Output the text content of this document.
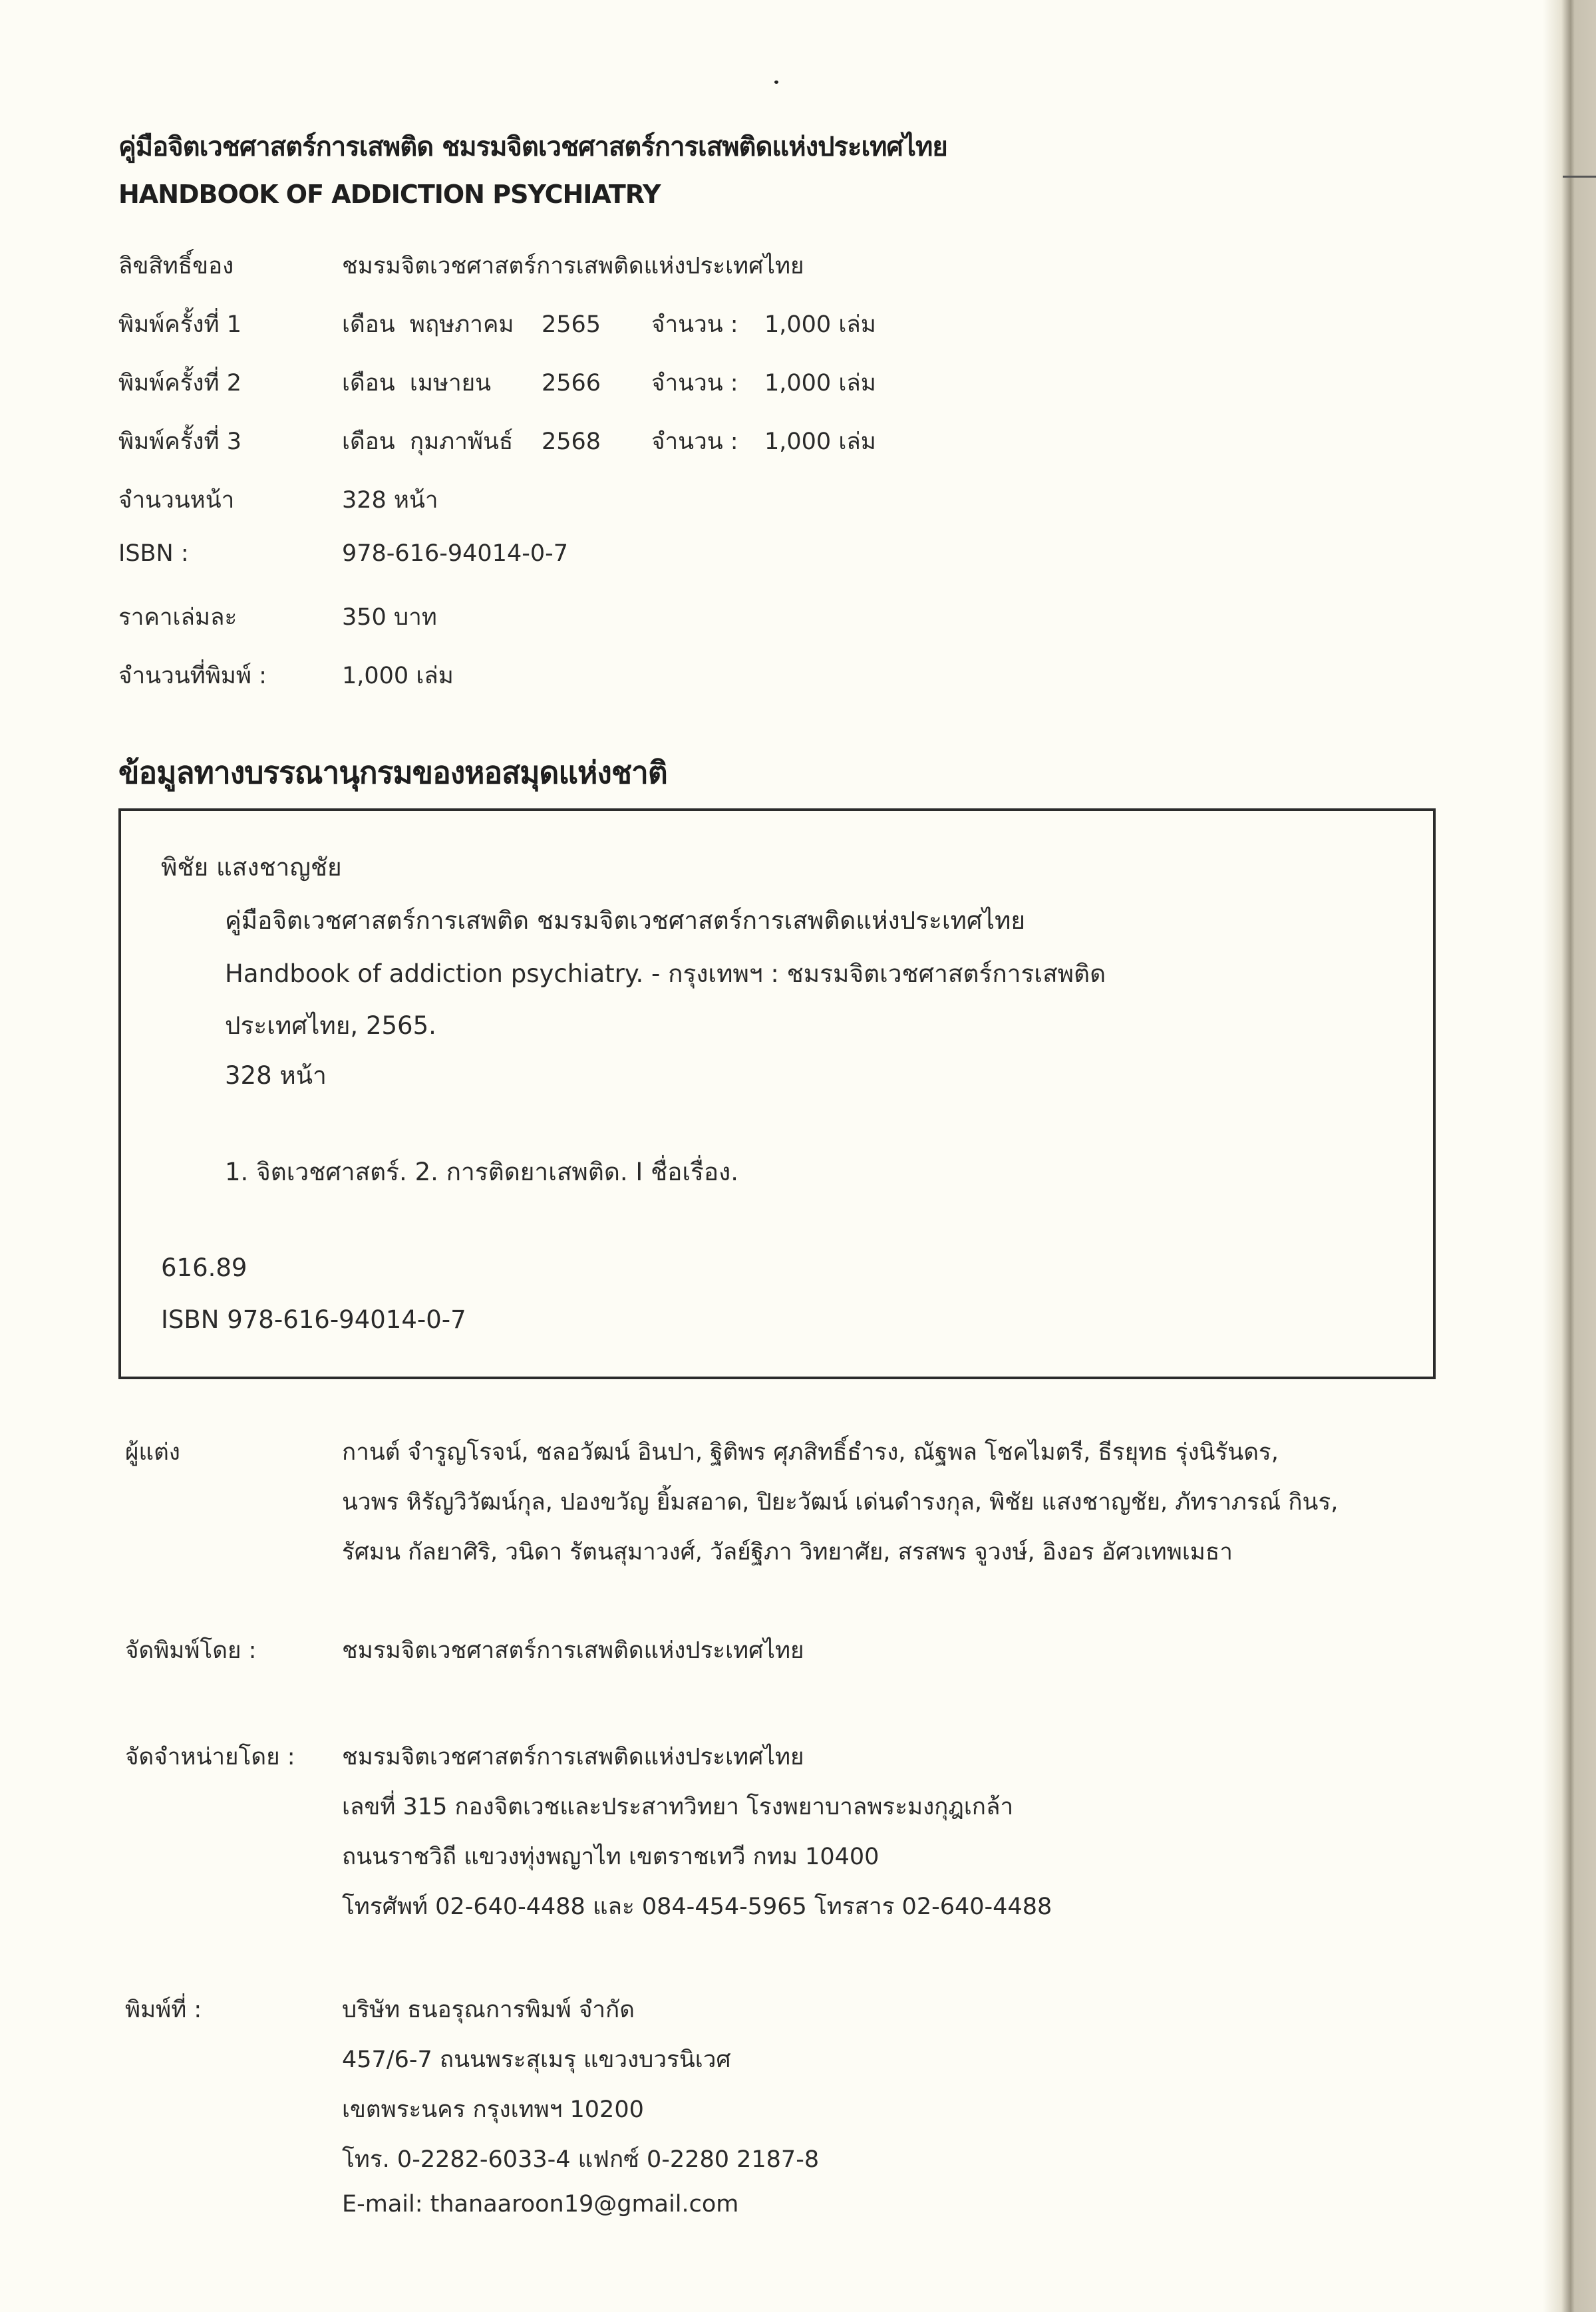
คู่มือจิตเวชศาสตร์การเสพติด ชมรมจิตเวชศาสตร์การเสพติดแห่งประเทศไทย
HANDBOOK OF ADDICTION PSYCHIATRY
ลิขสิทธิ์ของ	ชมรมจิตเวชศาสตร์การเสพติดแห่งประเทศไทย
พิมพ์ครั้งที่ 1	เดือน พฤษภาคม 2565 จำนวน : 1,000 เล่ม
พิมพ์ครั้งที่ 2	เดือน เมษายน 2566 จำนวน : 1,000 เล่ม
พิมพ์ครั้งที่ 3	เดือน กุมภาพันธ์ 2568 จำนวน : 1,000 เล่ม
จำนวนหน้า	328 หน้า
ISBN :	978-616-94014-0-7
ราคาเล่มละ	350 บาท
จำนวนที่พิมพ์ :	1,000 เล่ม
ข้อมูลทางบรรณานุกรมของหอสมุดแห่งชาติ
พิชัย แสงชาญชัย
คู่มือจิตเวชศาสตร์การเสพติด ชมรมจิตเวชศาสตร์การเสพติดแห่งประเทศไทย
Handbook of addiction psychiatry. - กรุงเทพฯ : ชมรมจิตเวชศาสตร์การเสพติด
ประเทศไทย, 2565.
328 หน้า
1. จิตเวชศาสตร์. 2. การติดยาเสพติด. I ชื่อเรื่อง.
616.89
ISBN 978-616-94014-0-7
ผู้แต่ง	กานต์ จำรูญโรจน์, ชลอวัฒน์ อินปา, ฐิติพร ศุภสิทธิ์ธำรง, ณัฐพล โชคไมตรี, ธีรยุทธ รุ่งนิรันดร,
นวพร หิรัญวิวัฒน์กุล, ปองขวัญ ยิ้มสอาด, ปิยะวัฒน์ เด่นดำรงกุล, พิชัย แสงชาญชัย, ภัทราภรณ์ กินร,
รัศมน กัลยาศิริ, วนิดา รัตนสุมาวงศ์, วัลย์ฐิภา วิทยาศัย, สรสพร จูวงษ์, อิงอร อัศวเทพเมธา
จัดพิมพ์โดย :	ชมรมจิตเวชศาสตร์การเสพติดแห่งประเทศไทย
จัดจำหน่ายโดย : ชมรมจิตเวชศาสตร์การเสพติดแห่งประเทศไทย
เลขที่ 315 กองจิตเวชและประสาทวิทยา โรงพยาบาลพระมงกุฎเกล้า
ถนนราชวิถี แขวงทุ่งพญาไท เขตราชเทวี กทม 10400
โทรศัพท์ 02-640-4488 และ 084-454-5965 โทรสาร 02-640-4488
พิมพ์ที่ :	บริษัท ธนอรุณการพิมพ์ จำกัด
457/6-7 ถนนพระสุเมรุ แขวงบวรนิเวศ
เขตพระนคร กรุงเทพฯ 10200
โทร. 0-2282-6033-4 แฟกซ์ 0-2280 2187-8
E-mail: thanaaroon19@gmail.com
